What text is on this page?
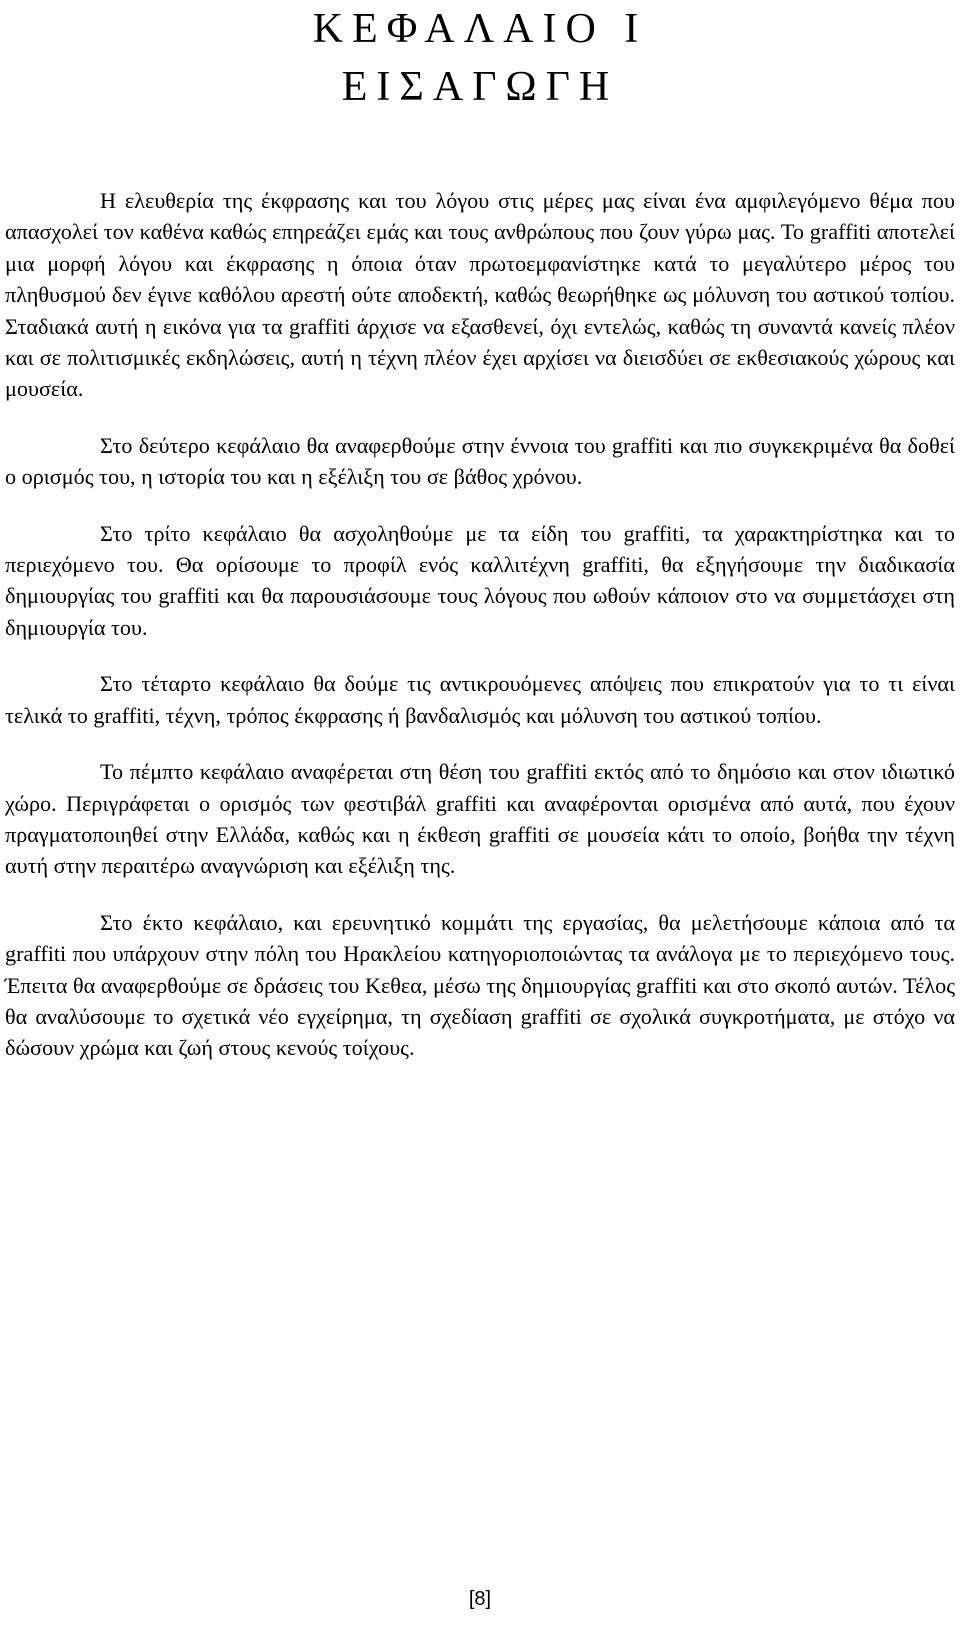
ΚΕΦΑΛΑΙΟ Ι
ΕΙΣΑΓΩΓΗ

Η ελευθερία της έκφρασης και του λόγου στις μέρες μας είναι ένα αμφιλεγόμενο θέμα που απασχολεί τον καθένα καθώς επηρεάζει εμάς και τους ανθρώπους που ζουν γύρω μας. Το graffiti αποτελεί μια μορφή λόγου και έκφρασης η όποια όταν πρωτοεμφανίστηκε κατά το μεγαλύτερο μέρος του πληθυσμού δεν έγινε καθόλου αρεστή ούτε αποδεκτή, καθώς θεωρήθηκε ως μόλυνση του αστικού τοπίου. Σταδιακά αυτή η εικόνα για τα graffiti άρχισε να εξασθενεί, όχι εντελώς, καθώς τη συναντά κανείς πλέον και σε πολιτισμικές εκδηλώσεις, αυτή η τέχνη πλέον έχει αρχίσει να διεισδύει σε εκθεσιακούς χώρους και μουσεία.

Στο δεύτερο κεφάλαιο θα αναφερθούμε στην έννοια του graffiti και πιο συγκεκριμένα θα δοθεί ο ορισμός του, η ιστορία του και η εξέλιξη του σε βάθος χρόνου.

Στο τρίτο κεφάλαιο θα ασχοληθούμε με τα είδη του graffiti, τα χαρακτηρίστηκα και το περιεχόμενο του. Θα ορίσουμε το προφίλ ενός καλλιτέχνη graffiti, θα εξηγήσουμε την διαδικασία δημιουργίας του graffiti και θα παρουσιάσουμε τους λόγους που ωθούν κάποιον στο να συμμετάσχει στη δημιουργία του.

Στο τέταρτο κεφάλαιο θα δούμε τις αντικρουόμενες απόψεις που επικρατούν για το τι είναι τελικά το graffiti, τέχνη, τρόπος έκφρασης ή βανδαλισμός και μόλυνση του αστικού τοπίου.

Το πέμπτο κεφάλαιο αναφέρεται στη θέση του graffiti εκτός από το δημόσιο και στον ιδιωτικό χώρο. Περιγράφεται ο ορισμός των φεστιβάλ graffiti και αναφέρονται ορισμένα από αυτά, που έχουν πραγματοποιηθεί στην Ελλάδα, καθώς και η έκθεση graffiti σε μουσεία κάτι το οποίο, βοήθα την τέχνη αυτή στην περαιτέρω αναγνώριση και εξέλιξη της.

Στο έκτο κεφάλαιο, και ερευνητικό κομμάτι της εργασίας, θα μελετήσουμε κάποια από τα graffiti που υπάρχουν στην πόλη του Ηρακλείου κατηγοριοποιώντας τα ανάλογα με το περιεχόμενο τους. Έπειτα θα αναφερθούμε σε δράσεις του Κεθεα, μέσω της δημιουργίας graffiti και στο σκοπό αυτών. Τέλος θα αναλύσουμε το σχετικά νέο εγχείρημα, τη σχεδίαση graffiti σε σχολικά συγκροτήματα, με στόχο να δώσουν χρώμα και ζωή στους κενούς τοίχους.

[8]
